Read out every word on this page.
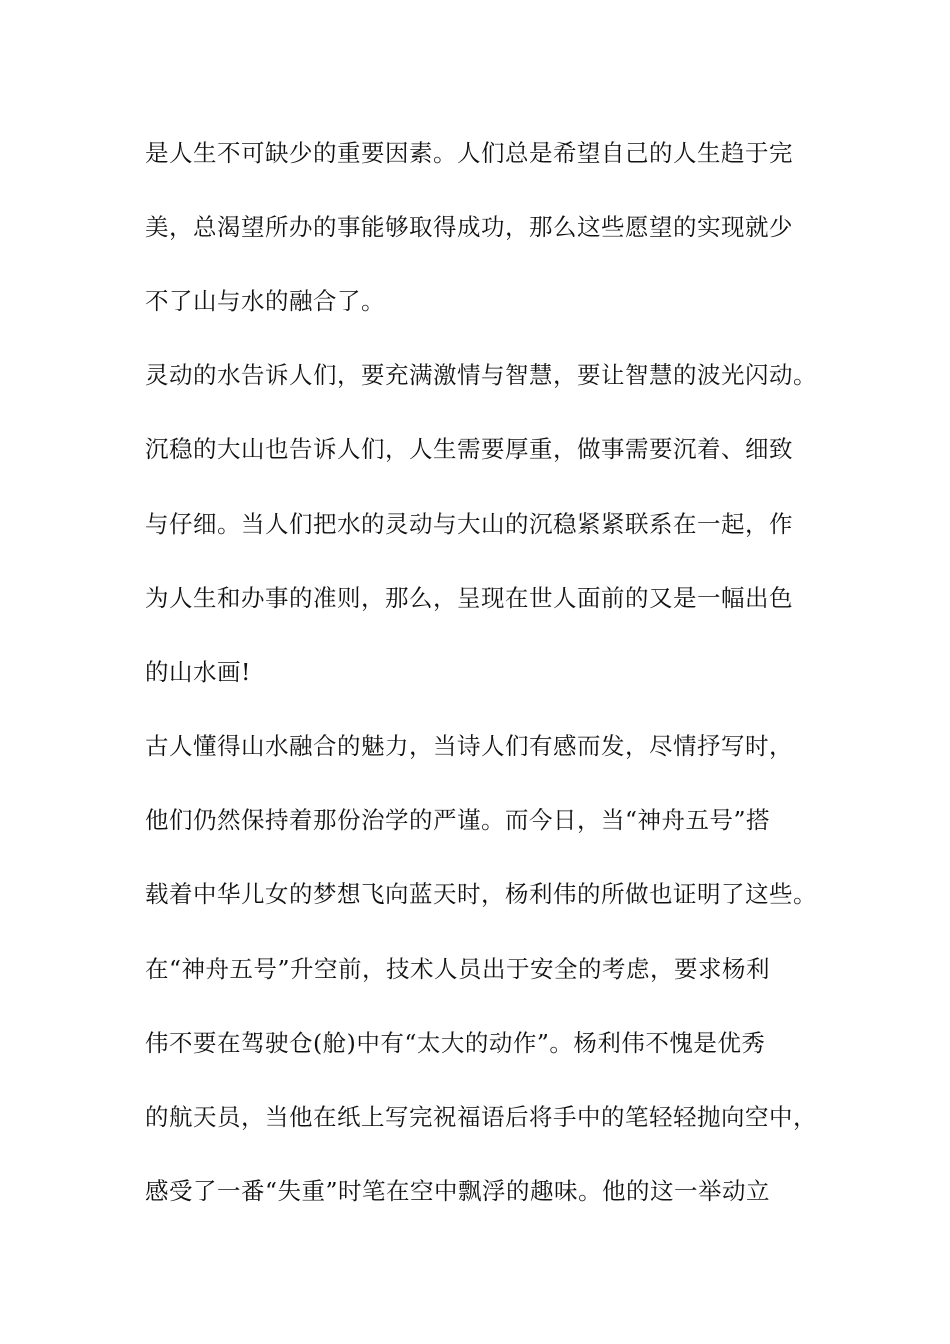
是人生不可缺少的重要因素。人们总是希望自己的人生趋于完
美，总渴望所办的事能够取得成功，那么这些愿望的实现就少
不了山与水的融合了。
灵动的水告诉人们，要充满激情与智慧，要让智慧的波光闪动。
沉稳的大山也告诉人们，人生需要厚重，做事需要沉着、细致
与仔细。当人们把水的灵动与大山的沉稳紧紧联系在一起，作
为人生和办事的准则，那么，呈现在世人面前的又是一幅出色
的山水画!
古人懂得山水融合的魅力，当诗人们有感而发，尽情抒写时，
他们仍然保持着那份治学的严谨。而今日，当“神舟五号”搭
载着中华儿女的梦想飞向蓝天时，杨利伟的所做也证明了这些。
在“神舟五号”升空前，技术人员出于安全的考虑，要求杨利
伟不要在驾驶仓(舱)中有“太大的动作”。杨利伟不愧是优秀
的航天员，当他在纸上写完祝福语后将手中的笔轻轻抛向空中，
感受了一番“失重”时笔在空中飘浮的趣味。他的这一举动立
